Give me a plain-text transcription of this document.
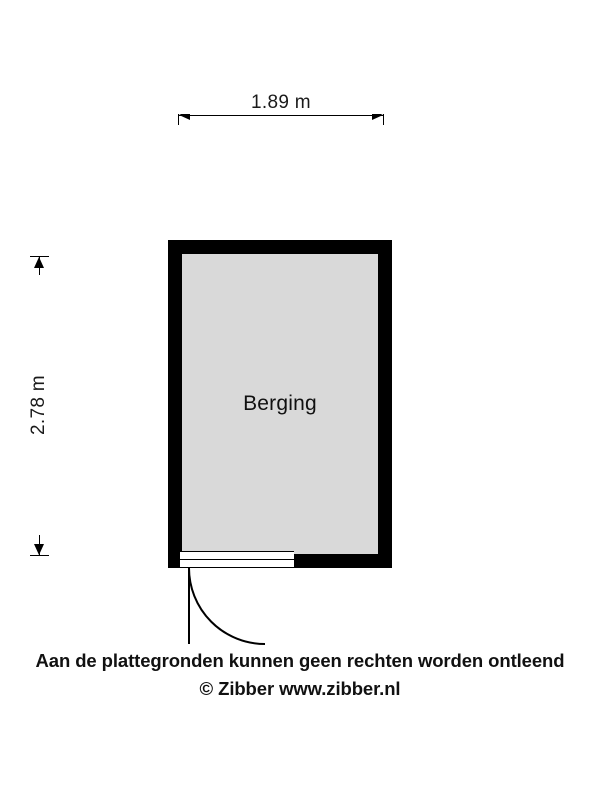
1.89 m
2.78 m	Berging
Aan de plattegronden kunnen geen rechten worden ontleend
© Zibber www.zibber.nl
